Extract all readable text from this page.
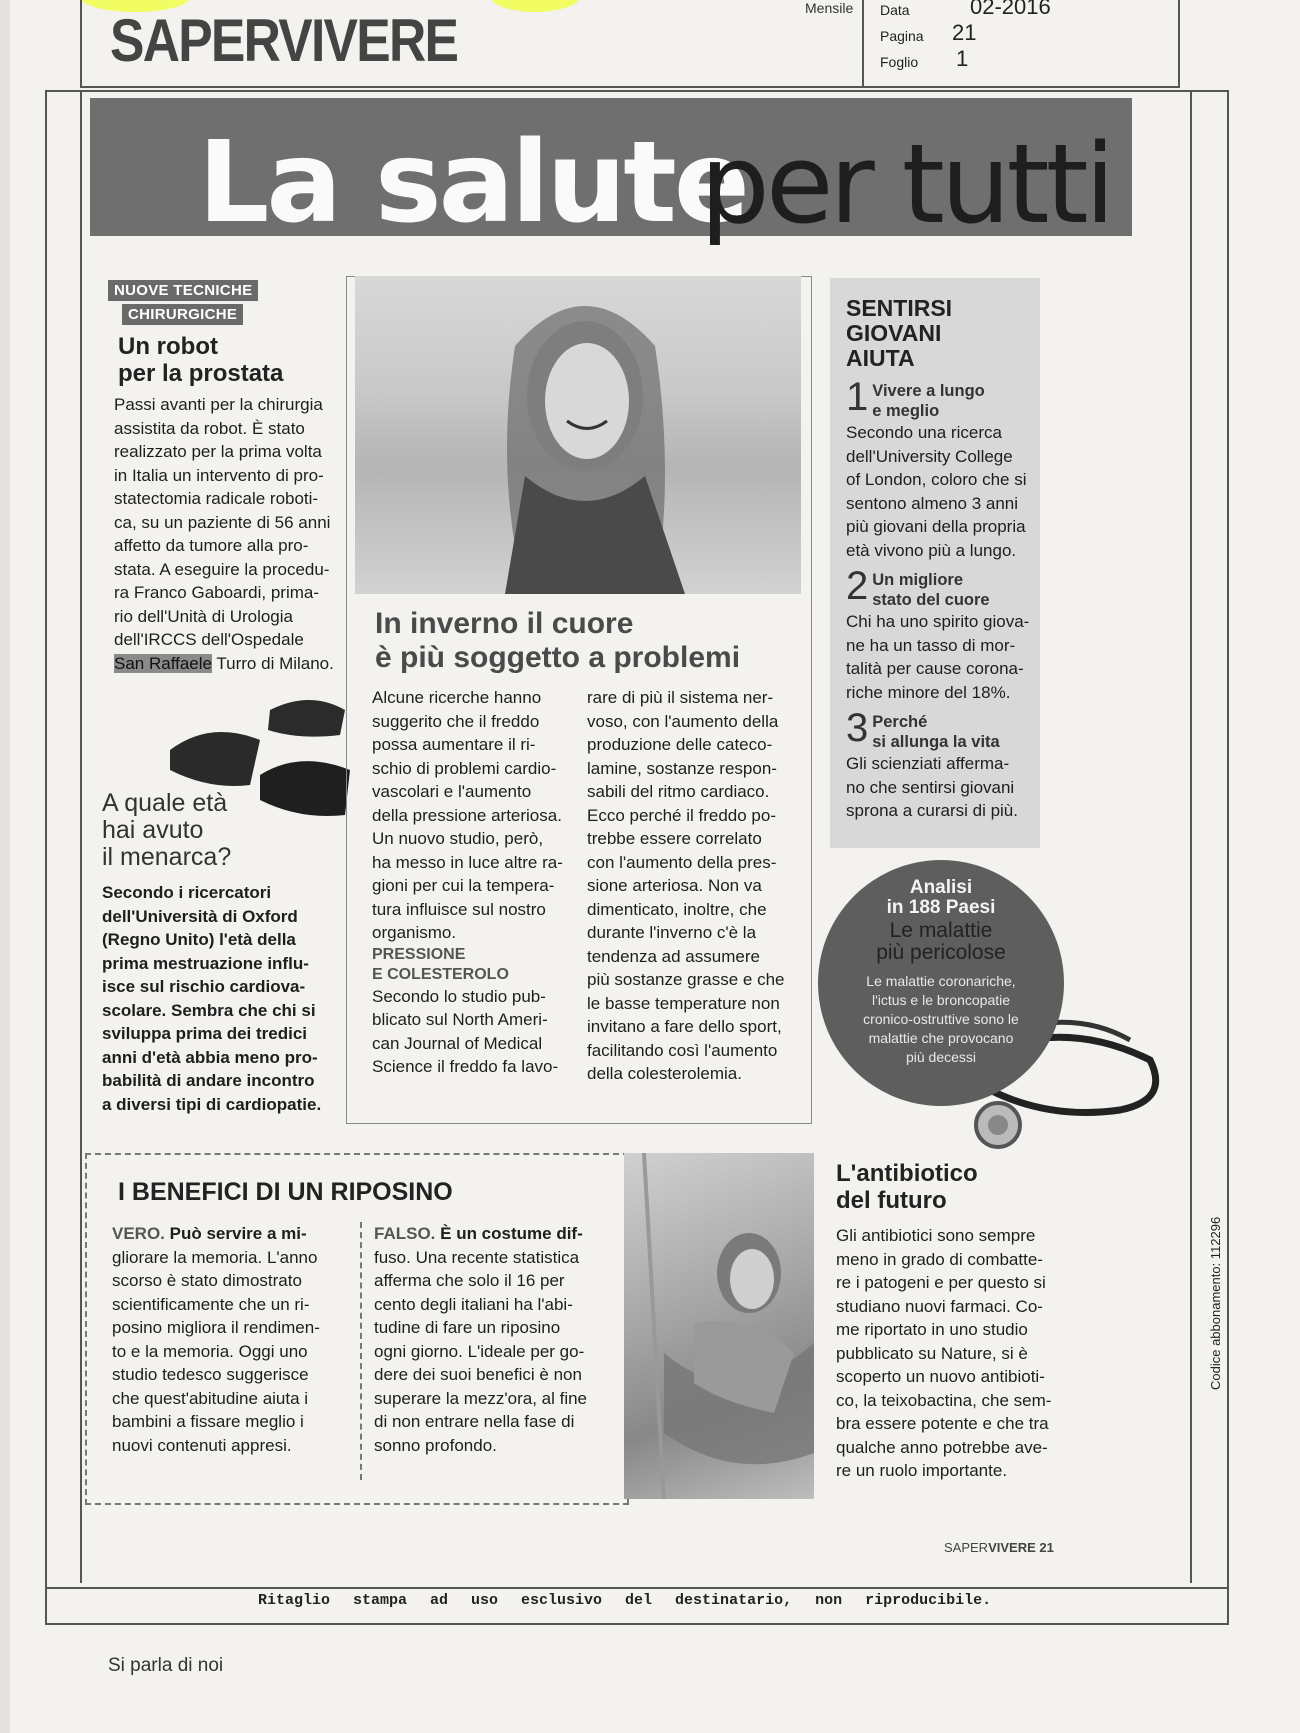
SAPERVIVERE	Mensile Data	02-2016
Pagina 21
Foglio 1
La salute
per tutti
NUOVE TECNICHE
CHIRURGICHE
Un robot
per la prostata
Passi avanti per la chirurgia
assistita da robot. È stato
realizzato per la prima volta
in Italia un intervento di pro-
statectomia radicale roboti-
ca, su un paziente di 56 anni
affetto da tumore alla pro-
stata. A eseguire la procedu-
ra Franco Gaboardi, prima-
rio dell'Unità di Urologia
dell'IRCCS dell'Ospedale
San Raffaele Turro di Milano.
A quale età
hai avuto
il menarca?
Secondo i ricercatori
dell'Università di Oxford
(Regno Unito) l'età della
prima mestruazione influ-
isce sul rischio cardiova-
scolare. Sembra che chi si
sviluppa prima dei tredici
anni d'età abbia meno pro-
babilità di andare incontro
a diversi tipi di cardiopatie.
In inverno il cuore
è più soggetto a problemi
Alcune ricerche hanno
suggerito che il freddo
possa aumentare il ri-
schio di problemi cardio-
vascolari e l'aumento
della pressione arteriosa.
Un nuovo studio, però,
ha messo in luce altre ra-
gioni per cui la tempera-
tura influisce sul nostro
organismo.
PRESSIONE
E COLESTEROLO
Secondo lo studio pub-
blicato sul North Ameri-
can Journal of Medical
Science il freddo fa lavo-
rare di più il sistema ner-
voso, con l'aumento della
produzione delle cateco-
lamine, sostanze respon-
sabili del ritmo cardiaco.
Ecco perché il freddo po-
trebbe essere correlato
con l'aumento della pres-
sione arteriosa. Non va
dimenticato, inoltre, che
durante l'inverno c'è la
tendenza ad assumere
più sostanze grasse e che
le basse temperature non
invitano a fare dello sport,
facilitando così l'aumento
della colesterolemia.
SENTIRSI
GIOVANI
AIUTA
1 Vivere a lungo
e meglio
Secondo una ricerca
dell'University College
of London, coloro che si
sentono almeno 3 anni
più giovani della propria
età vivono più a lungo.
2 Un migliore
stato del cuore
Chi ha uno spirito giova-
ne ha un tasso di mor-
talità per cause corona-
riche minore del 18%.
3 Perché
si allunga la vita
Gli scienziati afferma-
no che sentirsi giovani
sprona a curarsi di più.
Analisi
in 188 Paesi
Le malattie
più pericolose
Le malattie coronariche,
l'ictus e le broncopatie
cronico-ostruttive sono le
malattie che provocano
più decessi
I BENEFICI DI UN RIPOSINO
VERO. Può servire a mi-
gliorare la memoria. L'anno
scorso è stato dimostrato
scientificamente che un ri-
posino migliora il rendimen-
to e la memoria. Oggi uno
studio tedesco suggerisce
che quest'abitudine aiuta i
bambini a fissare meglio i
nuovi contenuti appresi.
FALSO. È un costume dif-
fuso. Una recente statistica
afferma che solo il 16 per
cento degli italiani ha l'abi-
tudine di fare un riposino
ogni giorno. L'ideale per go-
dere dei suoi benefici è non
superare la mezz'ora, al fine
di non entrare nella fase di
sonno profondo.
L'antibiotico
del futuro
Gli antibiotici sono sempre
meno in grado di combatte-
re i patogeni e per questo si
studiano nuovi farmaci. Co-
me riportato in uno studio
pubblicato su Nature, si è
scoperto un nuovo antibioti-
co, la teixobactina, che sem-
bra essere potente e che tra
qualche anno potrebbe ave-
re un ruolo importante.
SAPERVIVERE 21
Ritaglio stampa ad uso esclusivo del destinatario, non riproducibile.
Codice abbonamento: 112296
Si parla di noi
